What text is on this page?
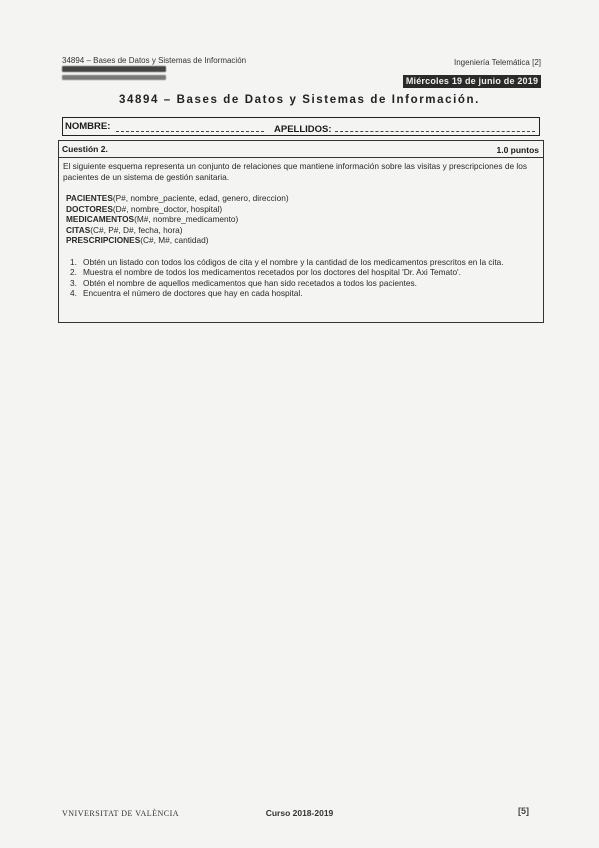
34894 – Bases de Datos y Sistemas de Información	Ingeniería Telemática [2]
Miércoles 19 de junio de 2019
34894 – Bases de Datos y Sistemas de Información.
NOMBRE:	APELLIDOS:
Cuestión 2.	1.0 puntos
El siguiente esquema representa un conjunto de relaciones que mantiene información sobre las visitas y prescripciones de los pacientes de un sistema de gestión sanitaria.
PACIENTES(P#, nombre_paciente, edad, genero, direccion)
DOCTORES(D#, nombre_doctor, hospital)
MEDICAMENTOS(M#, nombre_medicamento)
CITAS(C#, P#, D#, fecha, hora)
PRESCRIPCIONES(C#, M#, cantidad)
1. Obtén un listado con todos los códigos de cita y el nombre y la cantidad de los medicamentos prescritos en la cita.
2. Muestra el nombre de todos los medicamentos recetados por los doctores del hospital 'Dr. Axi Temato'.
3. Obtén el nombre de aquellos medicamentos que han sido recetados a todos los pacientes.
4. Encuentra el número de doctores que hay en cada hospital.
VNIVERSITAT DE VALÈNCIA	Curso 2018-2019	[5]
